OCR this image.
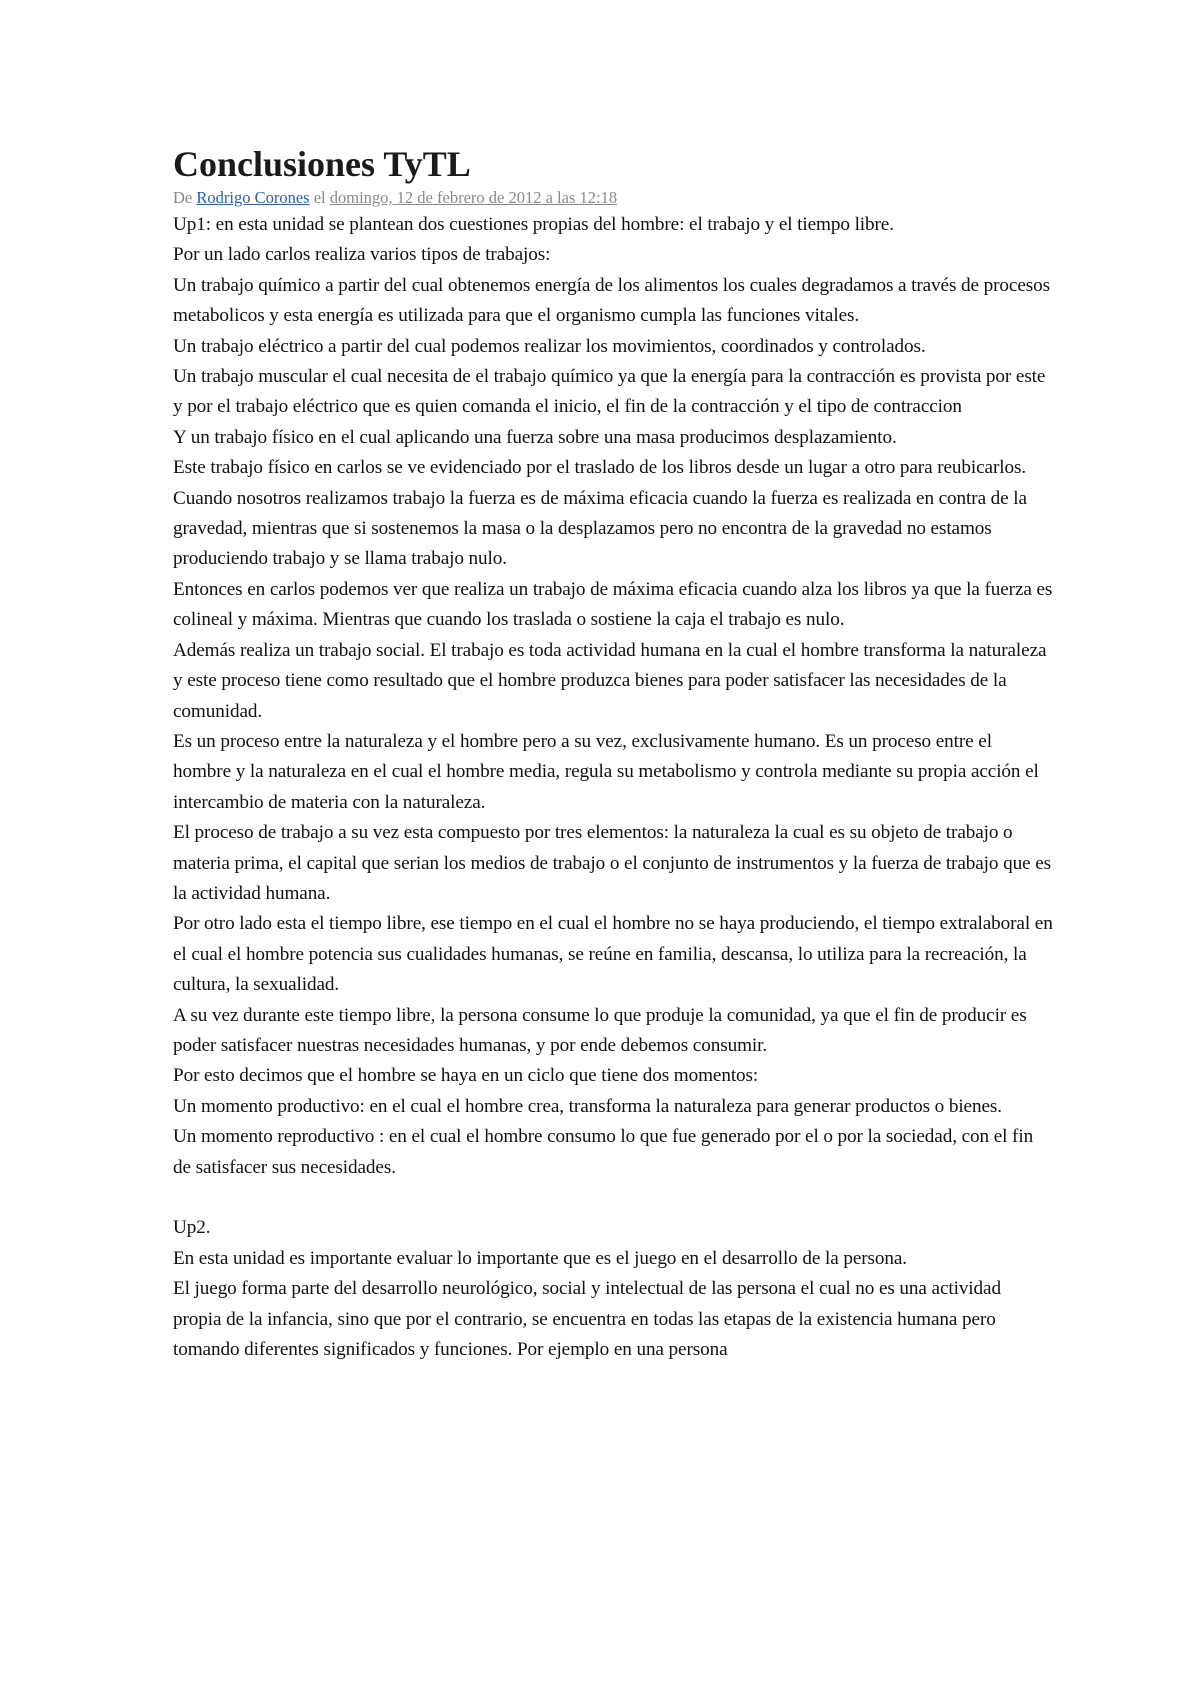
Conclusiones TyTL
De Rodrigo Corones el domingo, 12 de febrero de 2012 a las 12:18

Up1: en esta unidad se plantean dos cuestiones propias del hombre: el trabajo y el tiempo libre.

Por un lado carlos realiza varios tipos de trabajos:

Un trabajo químico a partir del cual obtenemos energía de los alimentos los cuales degradamos a través de procesos metabolicos y esta energía es utilizada para que el organismo cumpla las funciones vitales.

Un trabajo eléctrico a partir del cual podemos realizar los movimientos, coordinados y controlados.

Un trabajo muscular el cual necesita de el trabajo químico ya que la energía para la contracción es provista por este y por el trabajo eléctrico que es quien comanda el inicio, el fin de la contracción y el tipo de contraccion

Y un trabajo físico en el cual aplicando una fuerza sobre una masa producimos desplazamiento.

Este trabajo físico en carlos se ve evidenciado por el traslado de los libros desde un lugar a otro para reubicarlos.

Cuando nosotros realizamos trabajo la fuerza es de máxima eficacia cuando la fuerza es realizada en contra de la gravedad, mientras que si sostenemos la masa o la desplazamos pero no encontra de la gravedad no estamos produciendo trabajo y se llama trabajo nulo.

Entonces en carlos podemos ver que realiza un trabajo de máxima eficacia cuando alza los libros ya que la fuerza es colineal y máxima. Mientras que cuando los traslada o sostiene la caja el trabajo es nulo.

Además realiza un trabajo social. El trabajo es toda actividad humana en la cual el hombre transforma la naturaleza y este proceso tiene como resultado que el hombre produzca bienes para poder satisfacer las necesidades de la comunidad.

Es un proceso entre la naturaleza y el hombre pero a su vez, exclusivamente humano. Es un proceso entre el hombre y la naturaleza en el cual el hombre media, regula su metabolismo y controla mediante su propia acción el intercambio de materia con la naturaleza.

El proceso de trabajo a su vez esta compuesto por tres elementos: la naturaleza la cual es su objeto de trabajo o materia prima, el capital que serian los medios de trabajo o el conjunto de instrumentos y la fuerza de trabajo que es la actividad humana.

Por otro lado esta el tiempo libre, ese tiempo en el cual el hombre no se haya produciendo, el tiempo extralaboral en el cual el hombre potencia sus cualidades humanas, se reúne en familia, descansa, lo utiliza para la recreación, la cultura, la sexualidad.

A su vez durante este tiempo libre, la persona consume lo que produje la comunidad, ya que el fin de producir es poder satisfacer nuestras necesidades humanas, y por ende debemos consumir.

Por esto decimos que el hombre se haya en un ciclo que tiene dos momentos:

Un momento productivo: en el cual el hombre crea, transforma la naturaleza para generar productos o bienes.

Un momento reproductivo : en el cual el hombre consumo lo que fue generado por el o por la sociedad, con el fin de satisfacer sus necesidades.

Up2.

En esta unidad es importante evaluar lo importante que es el juego en el desarrollo de la persona.

El juego forma parte del desarrollo neurológico, social y intelectual de las persona el cual no es una actividad propia de la infancia, sino que por el contrario, se encuentra en todas las etapas de la existencia humana pero tomando diferentes significados y funciones. Por ejemplo en una persona
